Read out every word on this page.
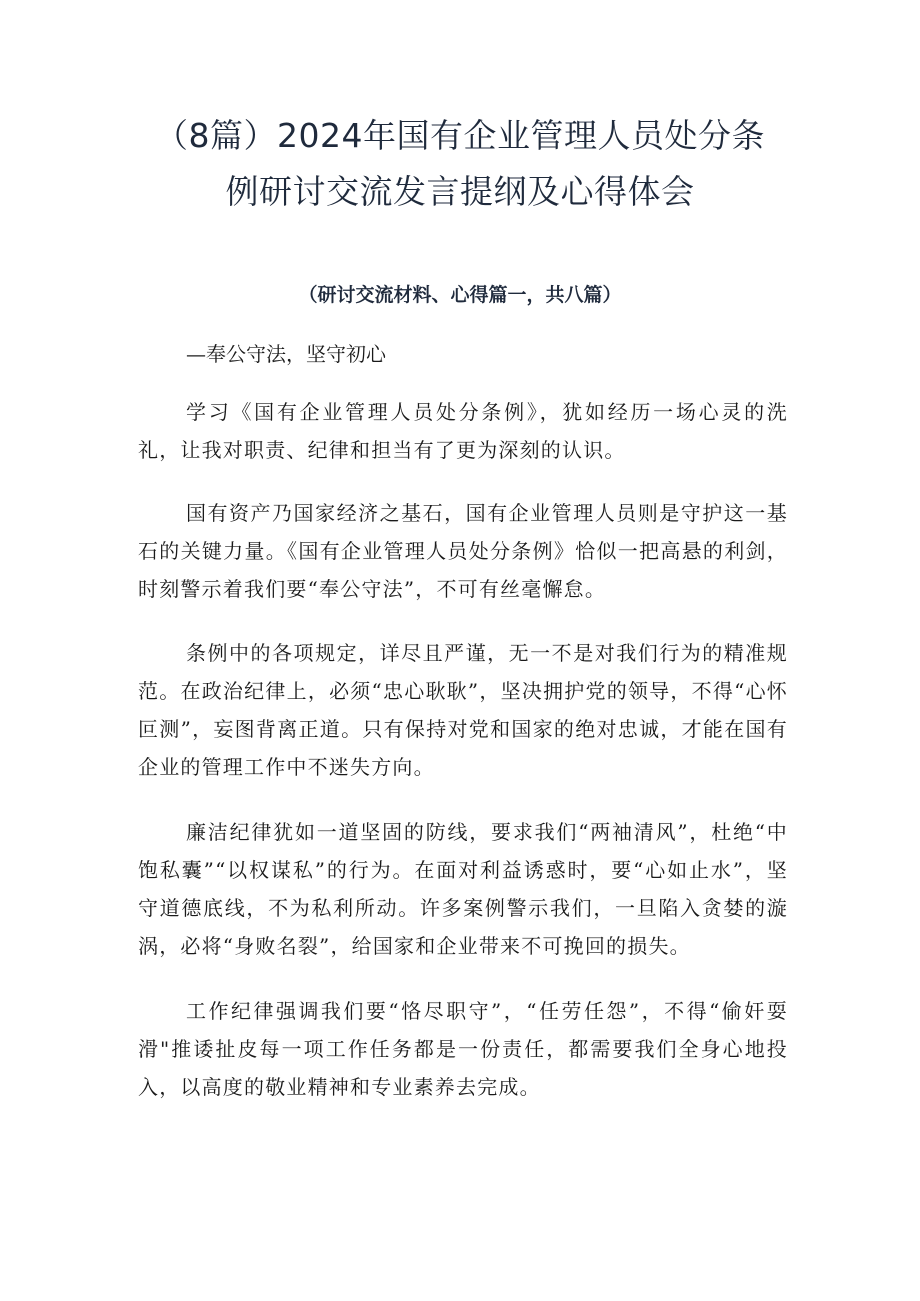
（8篇）2024年国有企业管理人员处分条
例研讨交流发言提纲及心得体会

（研讨交流材料、心得篇一，共八篇）

—奉公守法，坚守初心

学习《国有企业管理人员处分条例》，犹如经历一场心灵的洗礼，让我对职责、纪律和担当有了更为深刻的认识。

国有资产乃国家经济之基石，国有企业管理人员则是守护这一基石的关键力量。《国有企业管理人员处分条例》恰似一把高悬的利剑，时刻警示着我们要“奉公守法”，不可有丝毫懈怠。

条例中的各项规定，详尽且严谨，无一不是对我们行为的精准规范。在政治纪律上，必须“忠心耿耿”，坚决拥护党的领导，不得“心怀叵测”，妄图背离正道。只有保持对党和国家的绝对忠诚，才能在国有企业的管理工作中不迷失方向。

廉洁纪律犹如一道坚固的防线，要求我们“两袖清风”，杜绝“中饱私囊”“以权谋私”的行为。在面对利益诱惑时，要“心如止水”，坚守道德底线，不为私利所动。许多案例警示我们，一旦陷入贪婪的漩涡，必将“身败名裂”，给国家和企业带来不可挽回的损失。

工作纪律强调我们要“恪尽职守”，“任劳任怨”，不得“偷奸耍滑"推诿扯皮每一项工作任务都是一份责任，都需要我们全身心地投入，以高度的敬业精神和专业素养去完成。
